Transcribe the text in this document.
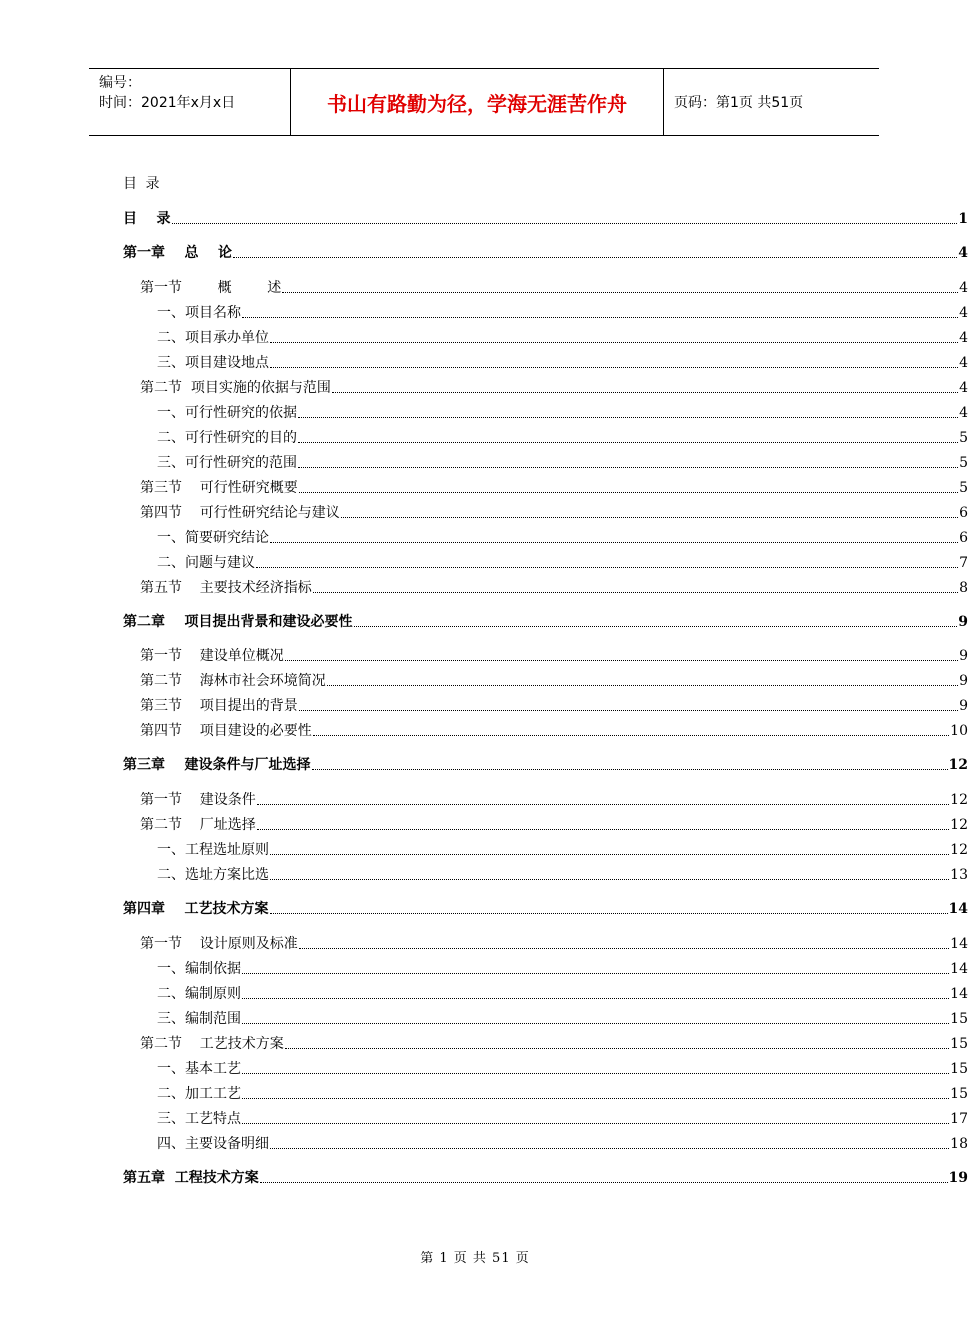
编号：
时间：2021年x月x日	书山有路勤为径，学海无涯苦作舟	页码：第1页 共51页
目 录
目    录	1
第一章    总    论	4
第一节        概        述	4
一、项目名称	4
二、项目承办单位	4
三、项目建设地点	4
第二节  项目实施的依据与范围	4
一、可行性研究的依据	4
二、可行性研究的目的	5
三、可行性研究的范围	5
第三节    可行性研究概要	5
第四节    可行性研究结论与建议	6
一、简要研究结论	6
二、问题与建议	7
第五节    主要技术经济指标	8
第二章    项目提出背景和建设必要性	9
第一节    建设单位概况	9
第二节    海林市社会环境简况	9
第三节    项目提出的背景	9
第四节    项目建设的必要性	10
第三章    建设条件与厂址选择	12
第一节    建设条件	12
第二节    厂址选择	12
一、工程选址原则	12
二、选址方案比选	13
第四章    工艺技术方案	14
第一节    设计原则及标准	14
一、编制依据	14
二、编制原则	14
三、编制范围	15
第二节    工艺技术方案	15
一、基本工艺	15
二、加工工艺	15
三、工艺特点	17
四、主要设备明细	18
第五章  工程技术方案	19
第 1 页 共 51 页
